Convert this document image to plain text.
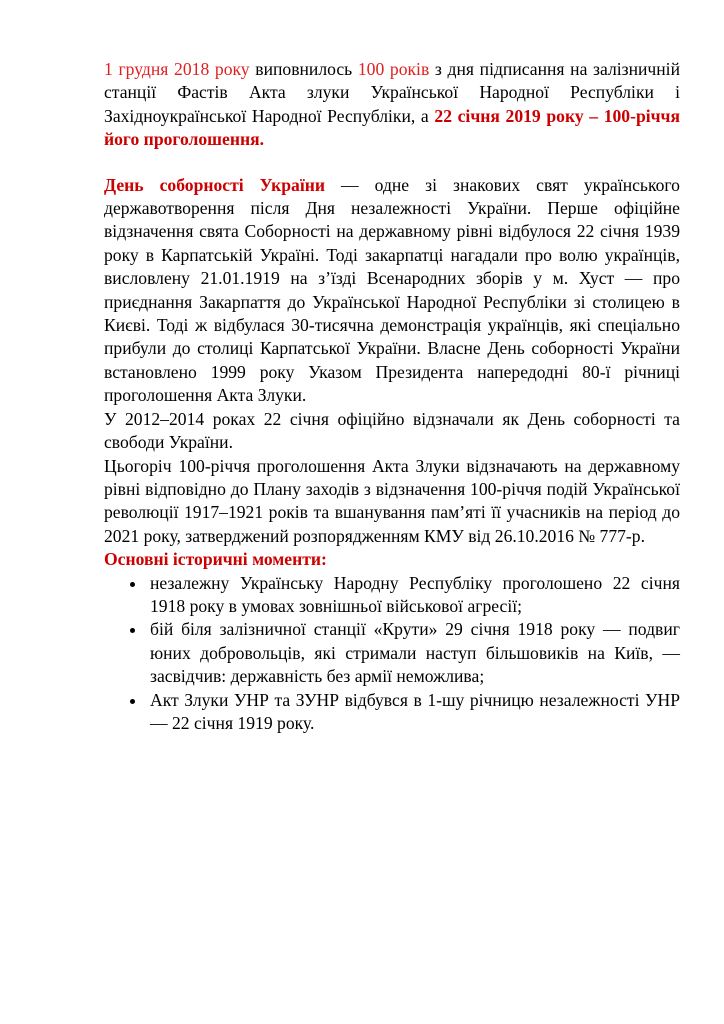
1 грудня 2018 року виповнилось 100 років з дня підписання на залізничній станції Фастів Акта злуки Української Народної Республіки і Західноукраїнської Народної Республіки, а 22 січня 2019 року – 100-річчя його проголошення.

День соборності України — одне зі знакових свят українського державотворення після Дня незалежності України. Перше офіційне відзначення свята Соборності на державному рівні відбулося 22 січня 1939 року в Карпатській Україні. Тоді закарпатці нагадали про волю українців, висловлену 21.01.1919 на з’їзді Всенародних зборів у м. Хуст — про приєднання Закарпаття до Української Народної Республіки зі столицею в Києві. Тоді ж відбулася 30-тисячна демонстрація українців, які спеціально прибули до столиці Карпатської України. Власне День соборності України встановлено 1999 року Указом Президента напередодні 80-ї річниці проголошення Акта Злуки.

У 2012–2014 роках 22 січня офіційно відзначали як День соборності та свободи України.

Цьогоріч 100-річчя проголошення Акта Злуки відзначають на державному рівні відповідно до Плану заходів з відзначення 100-річчя подій Української революції 1917–1921 років та вшанування пам’яті її учасників на період до 2021 року, затверджений розпорядженням КМУ від 26.10.2016 № 777-р.

Основні історичні моменти:

незалежну Українську Народну Республіку проголошено 22 січня 1918 року в умовах зовнішньої військової агресії;
бій біля залізничної станції «Крути» 29 січня 1918 року — подвиг юних добровольців, які стримали наступ більшовиків на Київ, — засвідчив: державність без армії неможлива;
Акт Злуки УНР та ЗУНР відбувся в 1-шу річницю незалежності УНР — 22 січня 1919 року.
